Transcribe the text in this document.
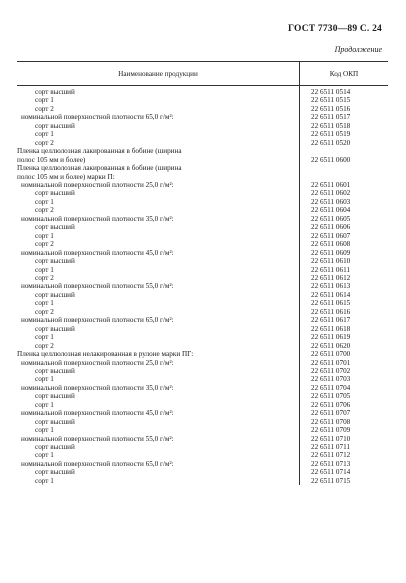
ГОСТ 7730—89 С. 24
Продолжение
Наименование продукции	Код ОКП
сорт высший	22 6511 0514
сорт 1	22 6511 0515
сорт 2	22 6511 0516
номинальной поверхностной плотности 65,0 г/м²:	22 6511 0517
сорт высший	22 6511 0518
сорт 1	22 6511 0519
сорт 2	22 6511 0520
Пленка целлюлозная лакированная в бобине (ширина
полос 105 мм и более)	22 6511 0600
Пленка целлюлозная лакированная в бобине (ширина
полос 105 мм и более) марки П:
номинальной поверхностной плотности 25,0 г/м²:	22 6511 0601
сорт высший	22 6511 0602
сорт 1	22 6511 0603
сорт 2	22 6511 0604
номинальной поверхностной плотности 35,0 г/м²:	22 6511 0605
сорт высший	22 6511 0606
сорт 1	22 6511 0607
сорт 2	22 6511 0608
номинальной поверхностной плотности 45,0 г/м²:	22 6511 0609
сорт высший	22 6511 0610
сорт 1	22 6511 0611
сорт 2	22 6511 0612
номинальной поверхностной плотности 55,0 г/м²:	22 6511 0613
сорт высший	22 6511 0614
сорт 1	22 6511 0615
сорт 2	22 6511 0616
номинальной поверхностной плотности 65,0 г/м²:	22 6511 0617
сорт высший	22 6511 0618
сорт 1	22 6511 0619
сорт 2	22 6511 0620
Пленка целлюлозная нелакированная в рулоне марки ПГ:	22 6511 0700
номинальной поверхностной плотности 25,0 г/м²:	22 6511 0701
сорт высший	22 6511 0702
сорт 1	22 6511 0703
номинальной поверхностной плотности 35,0 г/м²:	22 6511 0704
сорт высший	22 6511 0705
сорт 1	22 6511 0706
номинальной поверхностной плотности 45,0 г/м²:	22 6511 0707
сорт высший	22 6511 0708
сорт 1	22 6511 0709
номинальной поверхностной плотности 55,0 г/м²:	22 6511 0710
сорт высший	22 6511 0711
сорт 1	22 6511 0712
номинальной поверхностной плотности 65,0 г/м²:	22 6511 0713
сорт высший	22 6511 0714
сорт 1	22 6511 0715
